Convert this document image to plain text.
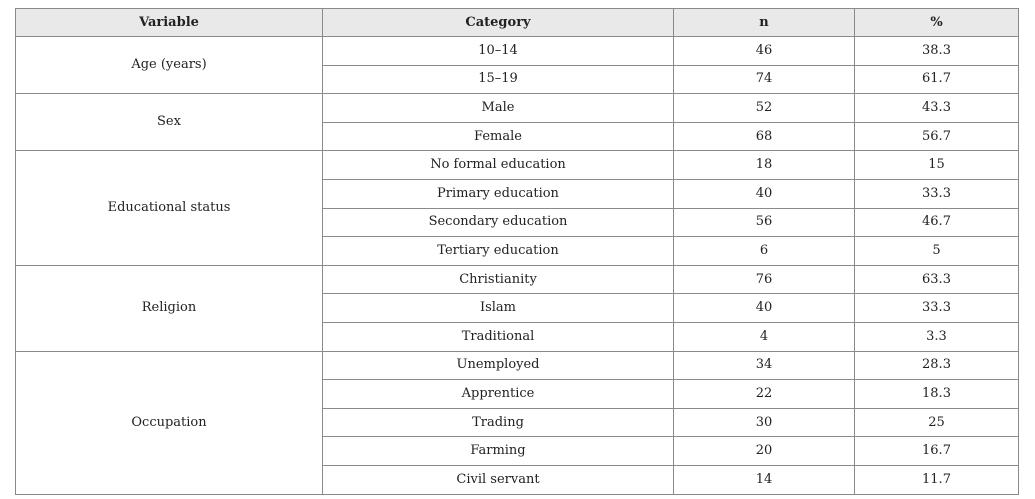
Variable	Category	n	%
Age (years)	10–14	46	38.3
	15–19	74	61.7
Sex	Male	52	43.3
	Female	68	56.7
Educational status	No formal education	18	15
	Primary education	40	33.3
	Secondary education	56	46.7
	Tertiary education	6	5
Religion	Christianity	76	63.3
	Islam	40	33.3
	Traditional	4	3.3
Occupation	Unemployed	34	28.3
	Apprentice	22	18.3
	Trading	30	25
	Farming	20	16.7
	Civil servant	14	11.7
